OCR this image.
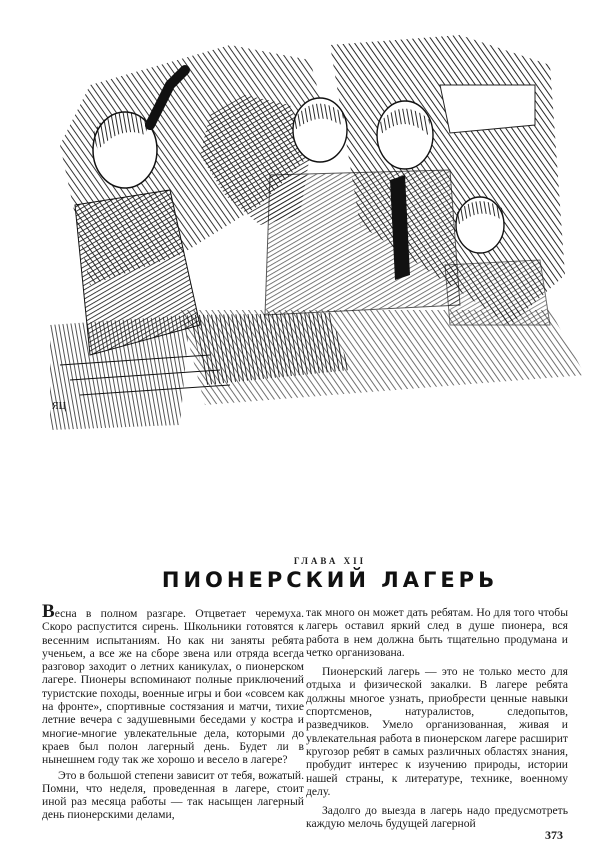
ЯЦ
ГЛАВА XII
ПИОНЕРСКИЙ ЛАГЕРЬ

Весна в полном разгаре. Отцветает черемуха. Скоро распустится сирень. Школьники готовятся к весенним испытаниям. Но как ни заняты ребята ученьем, а все же на сборе звена или отряда всегда разговор заходит о летних каникулах, о пионерском лагере. Пионеры вспоминают полные приключений туристские походы, военные игры и бои «совсем как на фронте», спортивные состязания и матчи, тихие летние вечера с задушевными беседами у костра и многие-многие увлекательные дела, которыми до краев был полон лагерный день. Будет ли в нынешнем году так же хорошо и весело в лагере?

Это в большой степени зависит от тебя, вожатый. Помни, что неделя, проведенная в лагере, стоит иной раз месяца работы — так насыщен лагерный день пионерскими делами,

так много он может дать ребятам. Но для того чтобы лагерь оставил яркий след в душе пионера, вся работа в нем должна быть тщательно продумана и четко организована.

Пионерский лагерь — это не только место для отдыха и физической закалки. В лагере ребята должны многое узнать, приобрести ценные навыки спортсменов, натуралистов, следопытов, разведчиков. Умело организованная, живая и увлекательная работа в пионерском лагере расширит кругозор ребят в самых различных областях знания, пробудит интерес к изучению природы, истории нашей страны, к литературе, технике, военному делу.

Задолго до выезда в лагерь надо предусмотреть каждую мелочь будущей лагерной

373
